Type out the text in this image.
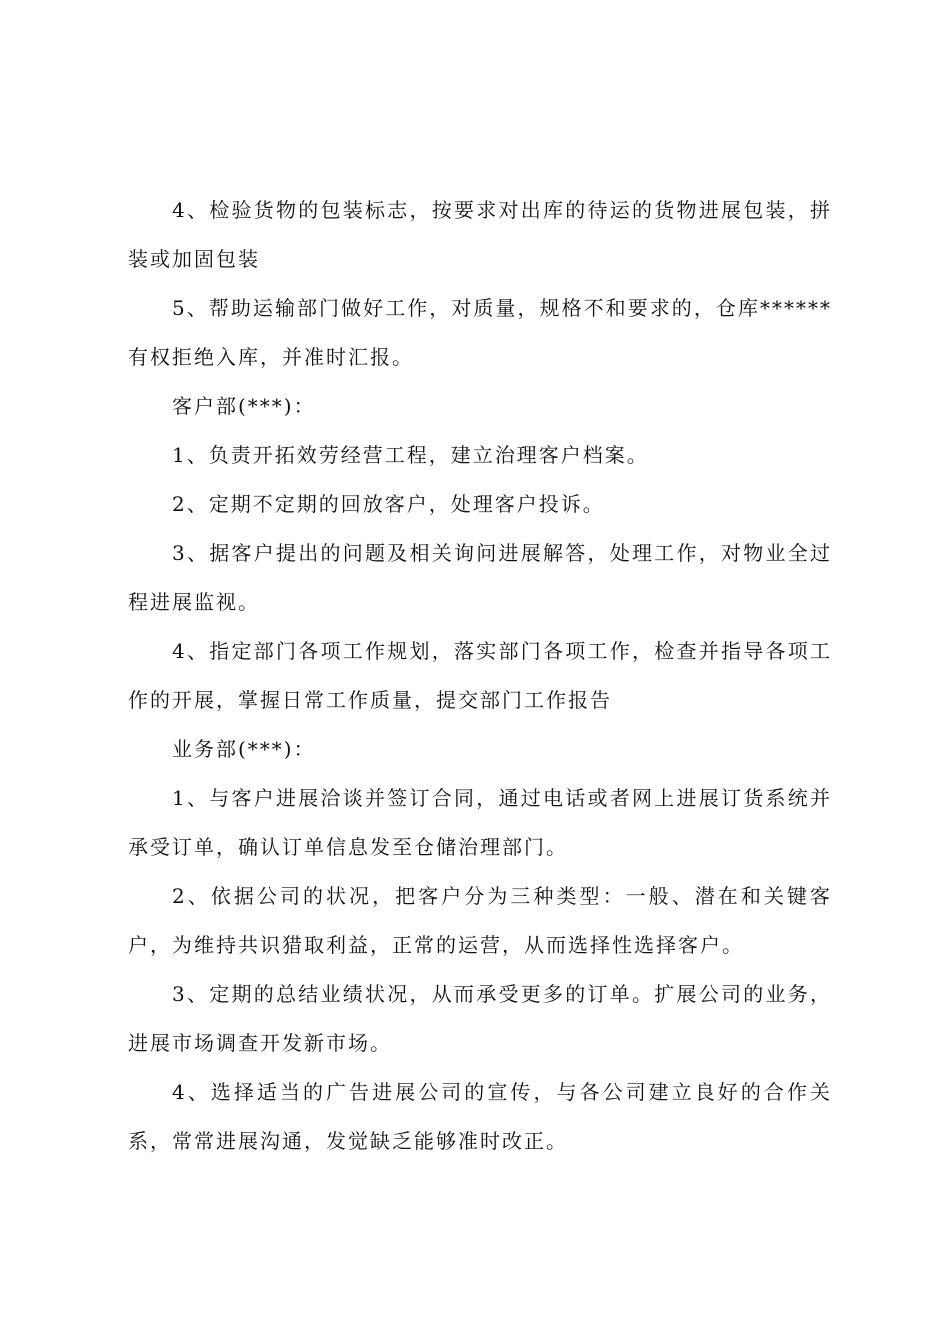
4、检验货物的包装标志，按要求对出库的待运的货物进展包装，拼装或加固包装

5、帮助运输部门做好工作，对质量，规格不和要求的，仓库******有权拒绝入库，并准时汇报。

客户部(***)：

1、负责开拓效劳经营工程，建立治理客户档案。

2、定期不定期的回放客户，处理客户投诉。

3、据客户提出的问题及相关询问进展解答，处理工作，对物业全过程进展监视。

4、指定部门各项工作规划，落实部门各项工作，检查并指导各项工作的开展，掌握日常工作质量，提交部门工作报告

业务部(***)：

1、与客户进展洽谈并签订合同，通过电话或者网上进展订货系统并承受订单，确认订单信息发至仓储治理部门。

2、依据公司的状况，把客户分为三种类型：一般、潜在和关键客户，为维持共识猎取利益，正常的运营，从而选择性选择客户。

3、定期的总结业绩状况，从而承受更多的订单。扩展公司的业务，进展市场调查开发新市场。

4、选择适当的广告进展公司的宣传，与各公司建立良好的合作关系，常常进展沟通，发觉缺乏能够准时改正。
